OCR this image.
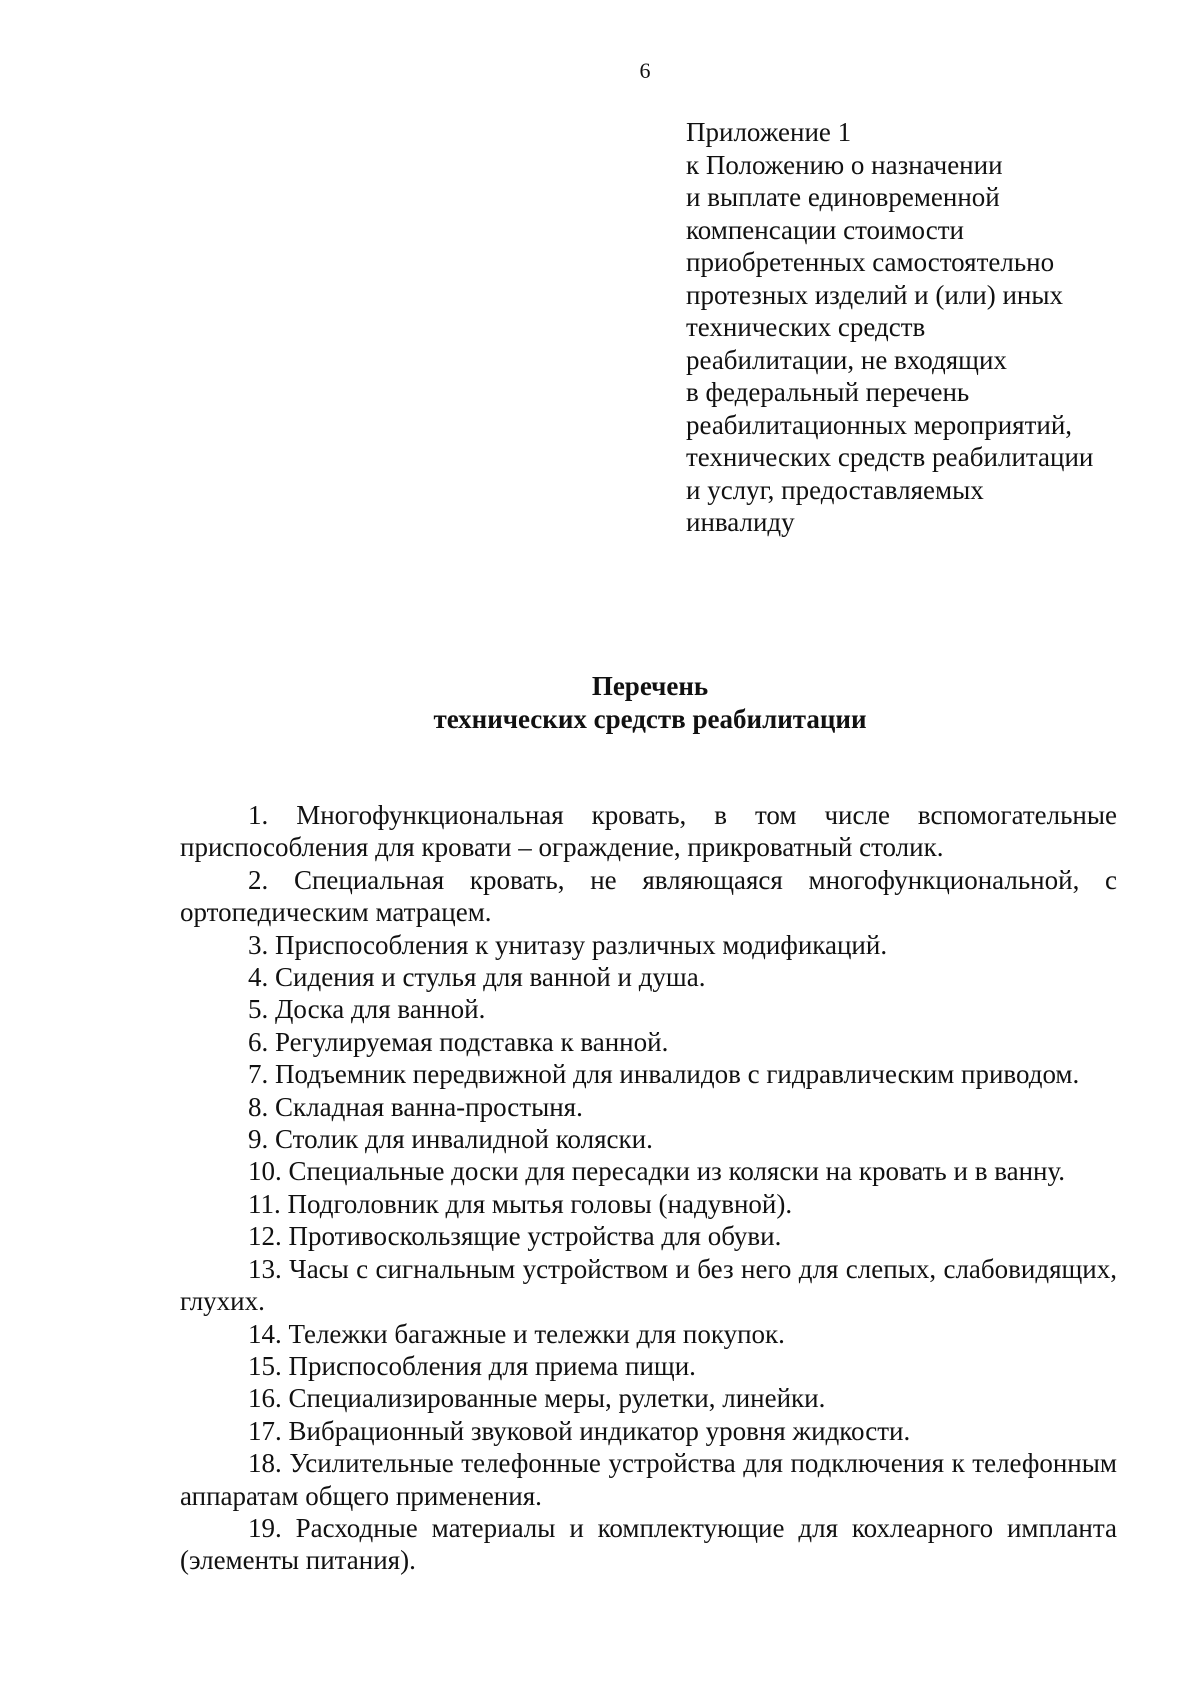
6
Приложение 1
к Положению о назначении
и выплате единовременной
компенсации стоимости
приобретенных самостоятельно
протезных изделий и (или) иных
технических средств
реабилитации, не входящих
в федеральный перечень
реабилитационных мероприятий,
технических средств реабилитации
и услуг, предоставляемых
инвалиду
Перечень
технических средств реабилитации
1. Многофункциональная кровать, в том числе вспомогательные приспособления для кровати – ограждение, прикроватный столик.
2. Специальная кровать, не являющаяся многофункциональной, с ортопедическим матрацем.
3. Приспособления к унитазу различных модификаций.
4. Сидения и стулья для ванной и душа.
5. Доска для ванной.
6. Регулируемая подставка к ванной.
7. Подъемник передвижной для инвалидов с гидравлическим приводом.
8. Складная ванна-простыня.
9. Столик для инвалидной коляски.
10. Специальные доски для пересадки из коляски на кровать и в ванну.
11. Подголовник для мытья головы (надувной).
12. Противоскользящие устройства для обуви.
13. Часы с сигнальным устройством и без него для слепых, слабовидящих, глухих.
14. Тележки багажные и тележки для покупок.
15. Приспособления для приема пищи.
16. Специализированные меры, рулетки, линейки.
17. Вибрационный звуковой индикатор уровня жидкости.
18. Усилительные телефонные устройства для подключения к телефонным аппаратам общего применения.
19. Расходные материалы и комплектующие для кохлеарного импланта (элементы питания).
